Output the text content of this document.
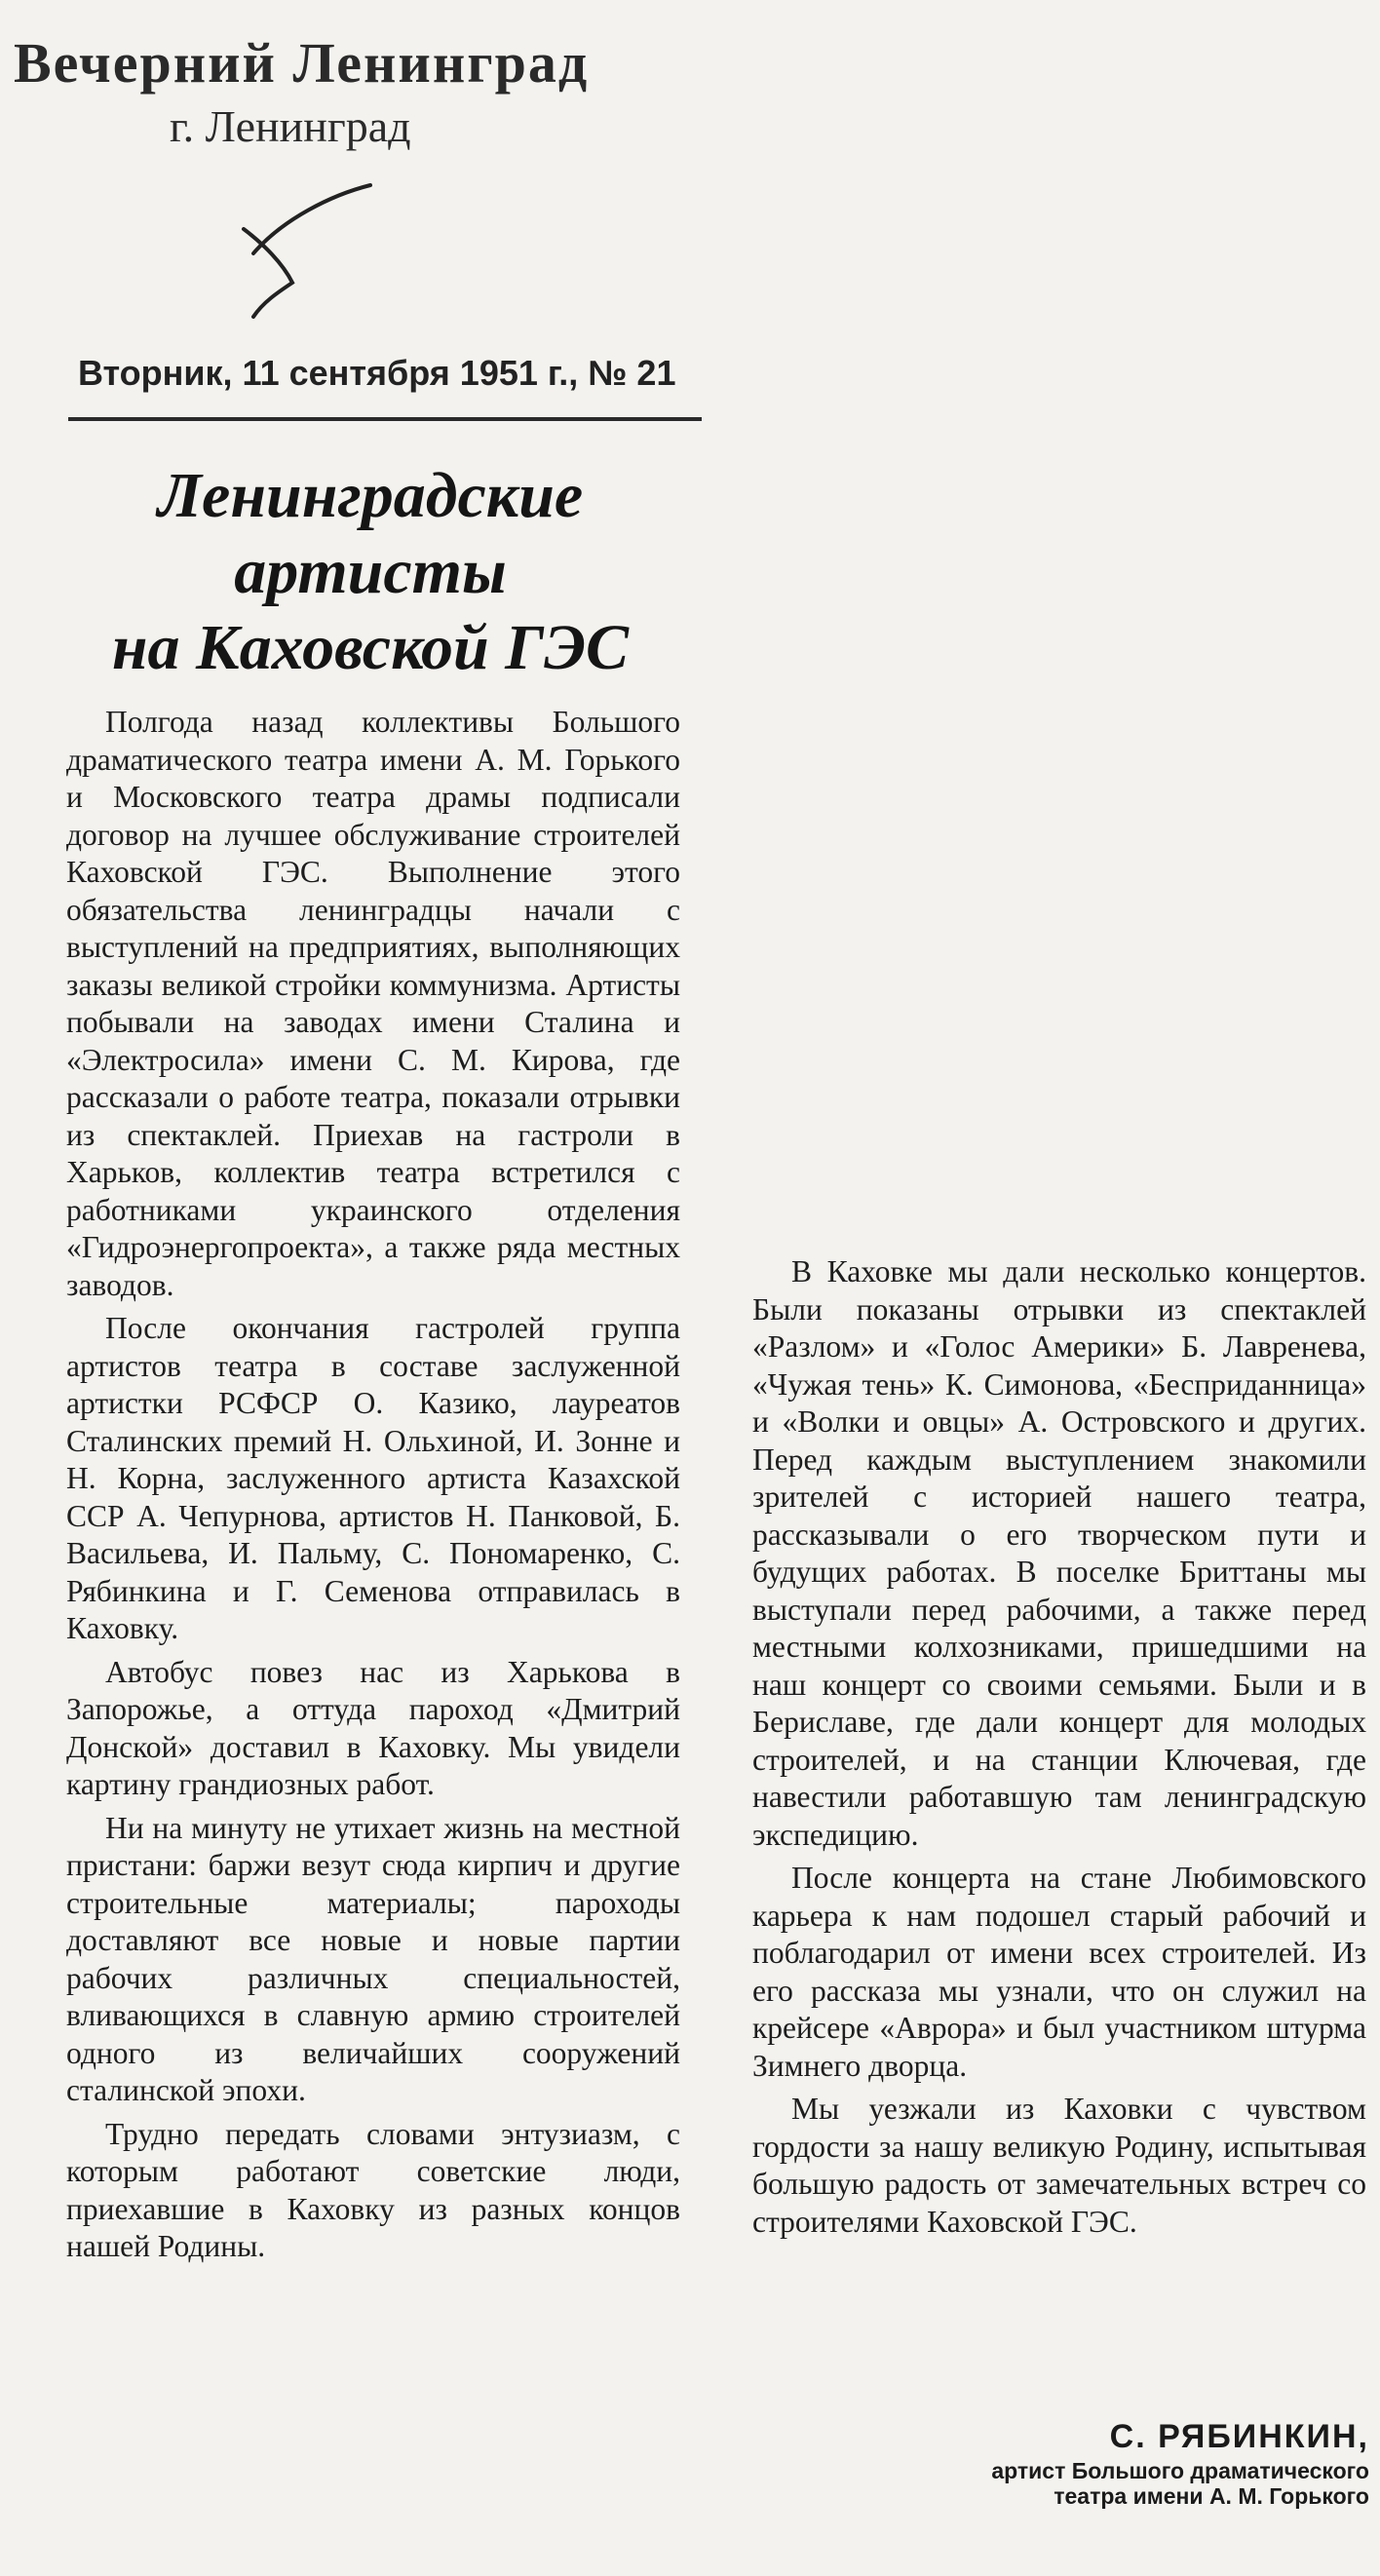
Вечерний Ленинград
г. Ленинград
Вторник, 11 сентября 1951 г., № 21
Ленинградские
артисты
на Каховской ГЭС

Полгода назад коллективы Большого драматического театра имени А. М. Горького и Московского театра драмы подписали договор на лучшее обслуживание строителей Каховской ГЭС. Выполнение этого обязательства ленинградцы начали с выступлений на предприятиях, выполняющих заказы великой стройки коммунизма. Артисты побывали на заводах имени Сталина и «Электросила» имени С. М. Кирова, где рассказали о работе театра, показали отрывки из спектаклей. Приехав на гастроли в Харьков, коллектив театра встретился с работниками украинского отделения «Гидроэнергопроекта», а также ряда местных заводов.

После окончания гастролей группа артистов театра в составе заслуженной артистки РСФСР О. Казико, лауреатов Сталинских премий Н. Ольхиной, И. Зонне и Н. Корна, заслуженного артиста Казахской ССР А. Чепурнова, артистов Н. Панковой, Б. Васильева, И. Пальму, С. Пономаренко, С. Рябинкина и Г. Семенова отправилась в Каховку.

Автобус повез нас из Харькова в Запорожье, а оттуда пароход «Дмитрий Донской» доставил в Каховку. Мы увидели картину грандиозных работ.

Ни на минуту не утихает жизнь на местной пристани: баржи везут сюда кирпич и другие строительные материалы; пароходы доставляют все новые и новые партии рабочих различных специальностей, вливающихся в славную армию строителей одного из величайших сооружений сталинской эпохи.

Трудно передать словами энтузиазм, с которым работают советские люди, приехавшие в Каховку из разных концов нашей Родины.

В Каховке мы дали несколько концертов. Были показаны отрывки из спектаклей «Разлом» и «Голос Америки» Б. Лавренева, «Чужая тень» К. Симонова, «Бесприданница» и «Волки и овцы» А. Островского и других. Перед каждым выступлением знакомили зрителей с историей нашего театра, рассказывали о его творческом пути и будущих работах. В поселке Бриттаны мы выступали перед рабочими, а также перед местными колхозниками, пришедшими на наш концерт со своими семьями. Были и в Бериславе, где дали концерт для молодых строителей, и на станции Ключевая, где навестили работавшую там ленинградскую экспедицию.

После концерта на стане Любимовского карьера к нам подошел старый рабочий и поблагодарил от имени всех строителей. Из его рассказа мы узнали, что он служил на крейсере «Аврора» и был участником штурма Зимнего дворца.

Мы уезжали из Каховки с чувством гордости за нашу великую Родину, испытывая большую радость от замечательных встреч со строителями Каховской ГЭС.

С. РЯБИНКИН,
артист Большого драматического
театра имени А. М. Горького
